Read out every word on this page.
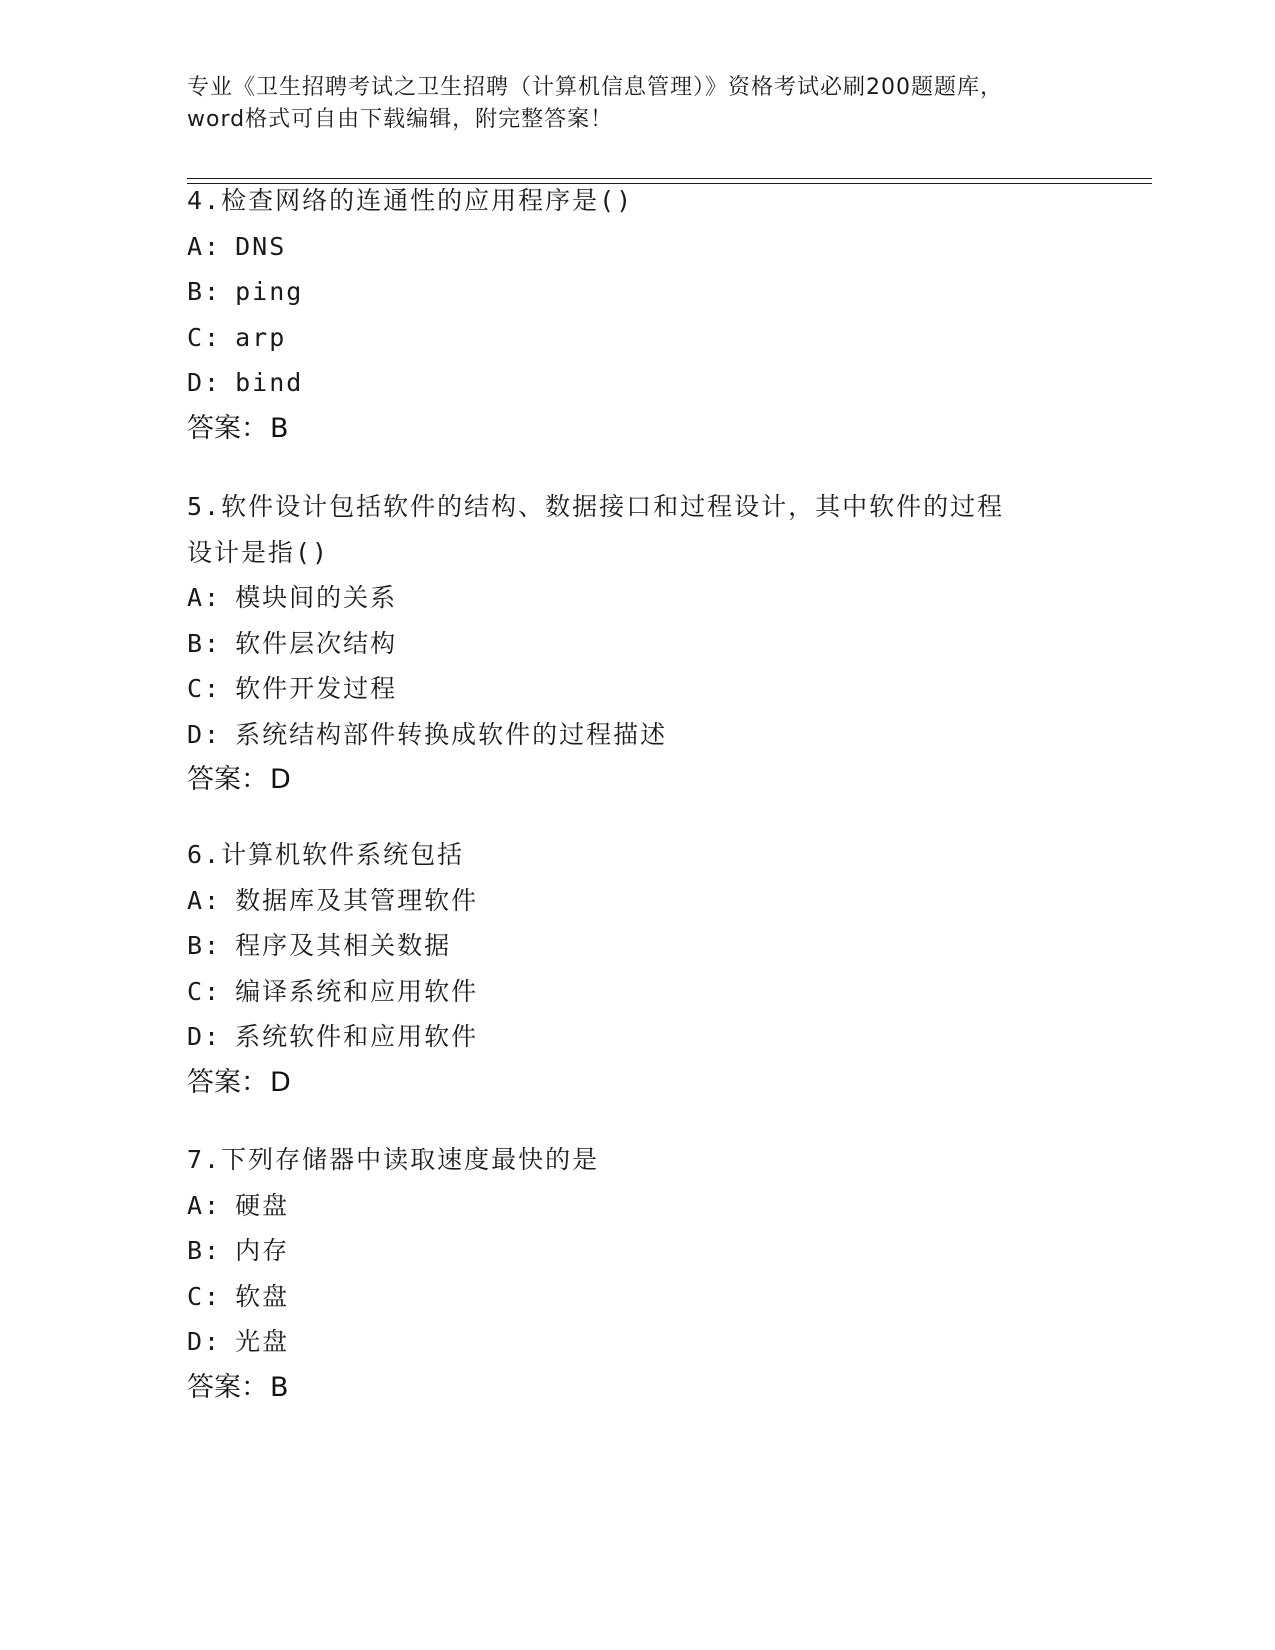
专业《卫生招聘考试之卫生招聘（计算机信息管理）》资格考试必刷200题题库，
word格式可自由下载编辑，附完整答案！
4.检查网络的连通性的应用程序是()
A: DNS
B: ping
C: arp
D: bind
答案：B
5.软件设计包括软件的结构、数据接口和过程设计，其中软件的过程
设计是指()
A: 模块间的关系
B: 软件层次结构
C: 软件开发过程
D: 系统结构部件转换成软件的过程描述
答案：D
6.计算机软件系统包括
A: 数据库及其管理软件
B: 程序及其相关数据
C: 编译系统和应用软件
D: 系统软件和应用软件
答案：D
7.下列存储器中读取速度最快的是
A: 硬盘
B: 内存
C: 软盘
D: 光盘
答案：B
